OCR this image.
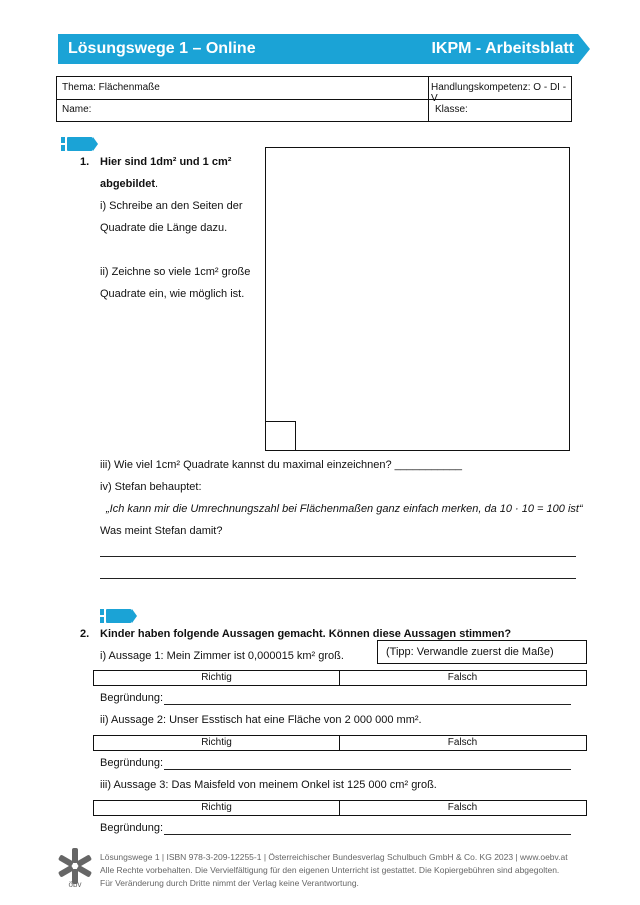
Lösungswege 1 – Online	IKPM - Arbeitsblatt
Thema: Flächenmaße	Handlungskompetenz: O - DI - V
Name:	Klasse:
1. Hier sind 1dm² und 1 cm²
abgebildet.
i) Schreibe an den Seiten der
Quadrate die Länge dazu.
ii) Zeichne so viele 1cm² große
Quadrate ein, wie möglich ist.
iii) Wie viel 1cm² Quadrate kannst du maximal einzeichnen? ___________
iv) Stefan behauptet:
„Ich kann mir die Umrechnungszahl bei Flächenmaßen ganz einfach merken, da 10 · 10 = 100 ist“
Was meint Stefan damit?
2. Kinder haben folgende Aussagen gemacht. Können diese Aussagen stimmen?
i) Aussage 1: Mein Zimmer ist 0,000015 km² groß.	(Tipp: Verwandle zuerst die Maße)
Richtig	Falsch
Begründung:
ii) Aussage 2: Unser Esstisch hat eine Fläche von 2 000 000 mm².
Richtig	Falsch
Begründung:
iii) Aussage 3: Das Maisfeld von meinem Onkel ist 125 000 cm² groß.
Richtig	Falsch
Begründung:
öbv
Lösungswege 1 | ISBN 978-3-209-12255-1 | Österreichischer Bundesverlag Schulbuch GmbH & Co. KG 2023 | www.oebv.at
Alle Rechte vorbehalten. Die Vervielfältigung für den eigenen Unterricht ist gestattet. Die Kopiergebühren sind abgegolten.
Für Veränderung durch Dritte nimmt der Verlag keine Verantwortung.
